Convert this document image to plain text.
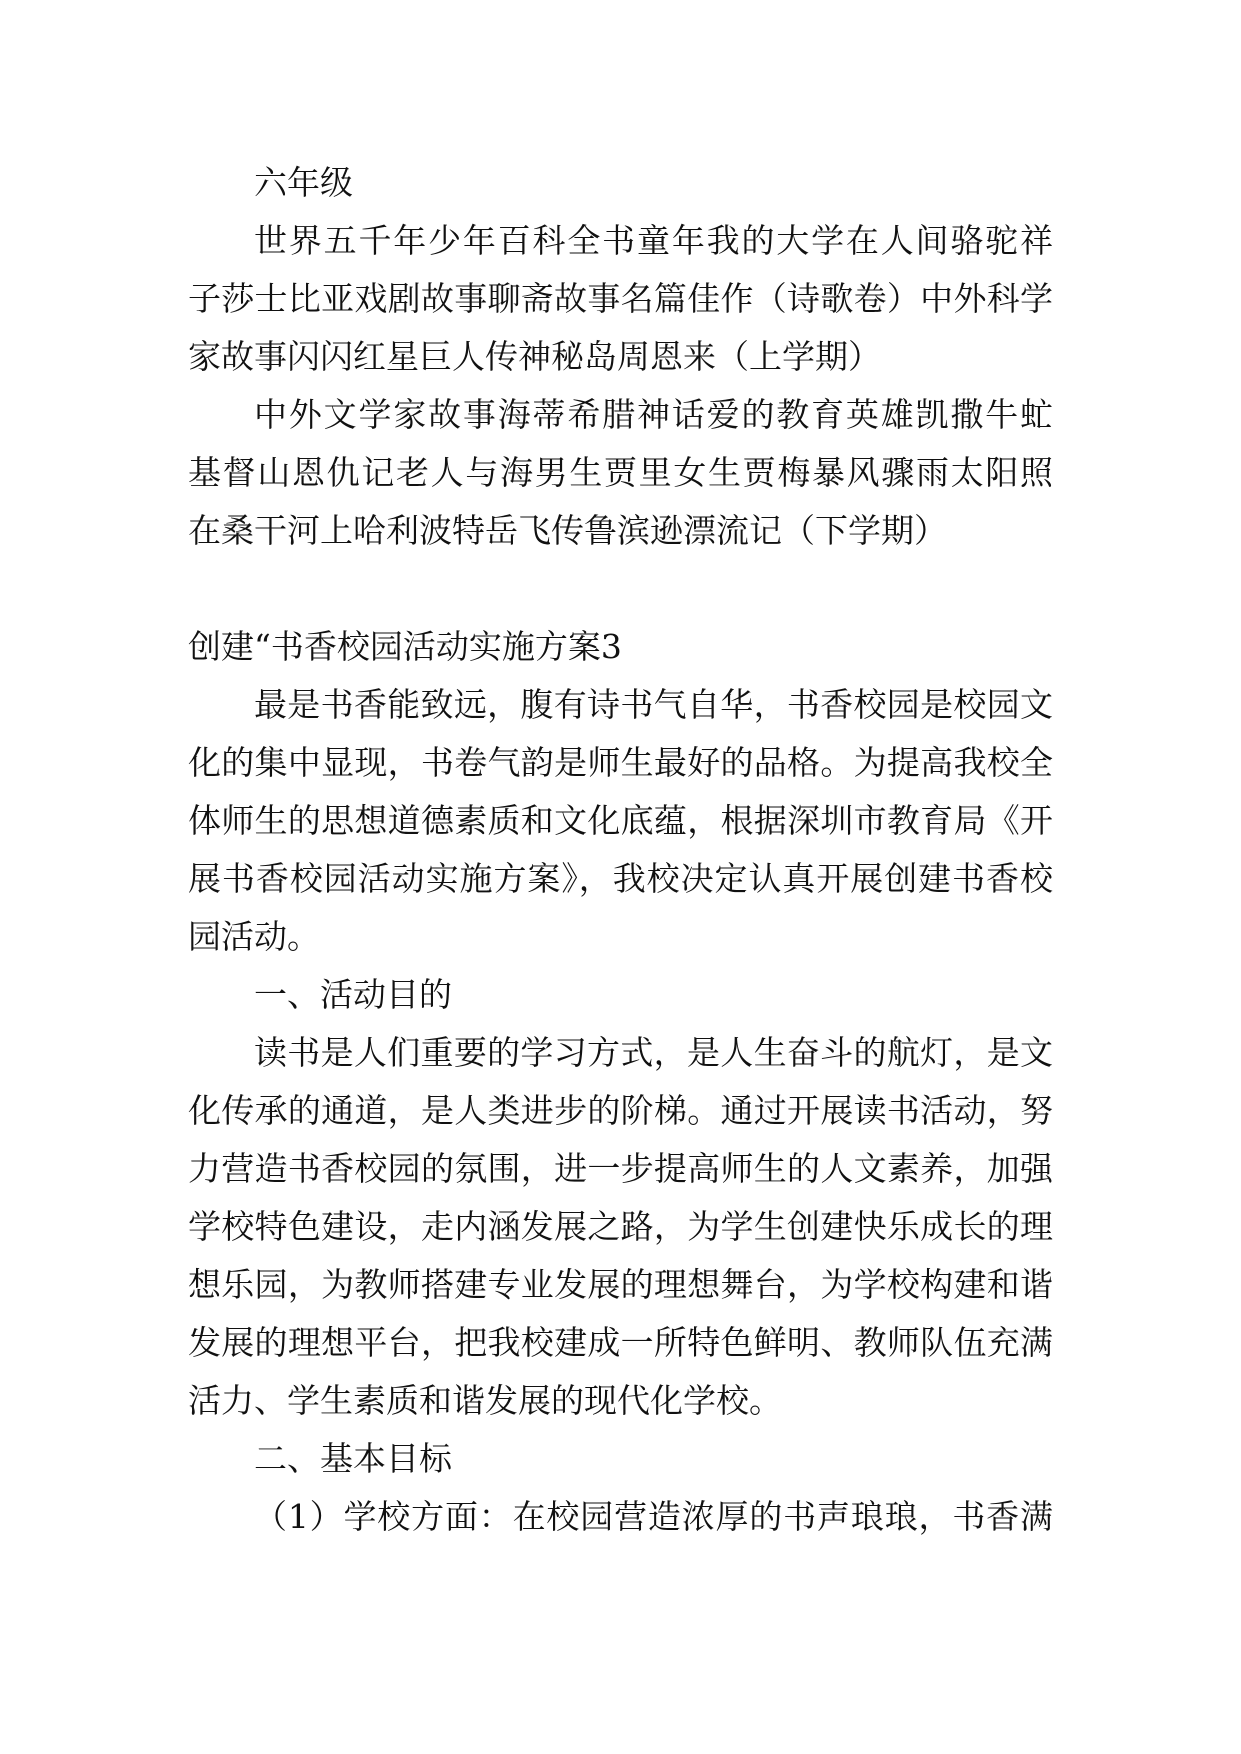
六年级
世界五千年少年百科全书童年我的大学在人间骆驼祥
子莎士比亚戏剧故事聊斋故事名篇佳作（诗歌卷）中外科学
家故事闪闪红星巨人传神秘岛周恩来（上学期）
中外文学家故事海蒂希腊神话爱的教育英雄凯撒牛虻
基督山恩仇记老人与海男生贾里女生贾梅暴风骤雨太阳照
在桑干河上哈利波特岳飞传鲁滨逊漂流记（下学期）
创建“书香校园活动实施方案3
最是书香能致远，腹有诗书气自华，书香校园是校园文
化的集中显现，书卷气韵是师生最好的品格。为提高我校全
体师生的思想道德素质和文化底蕴，根据深圳市教育局《开
展书香校园活动实施方案》，我校决定认真开展创建书香校
园活动。
一、活动目的
读书是人们重要的学习方式，是人生奋斗的航灯，是文
化传承的通道，是人类进步的阶梯。通过开展读书活动，努
力营造书香校园的氛围，进一步提高师生的人文素养，加强
学校特色建设，走内涵发展之路，为学生创建快乐成长的理
想乐园，为教师搭建专业发展的理想舞台，为学校构建和谐
发展的理想平台，把我校建成一所特色鲜明、教师队伍充满
活力、学生素质和谐发展的现代化学校。
二、基本目标
（1）学校方面：在校园营造浓厚的书声琅琅，书香满
